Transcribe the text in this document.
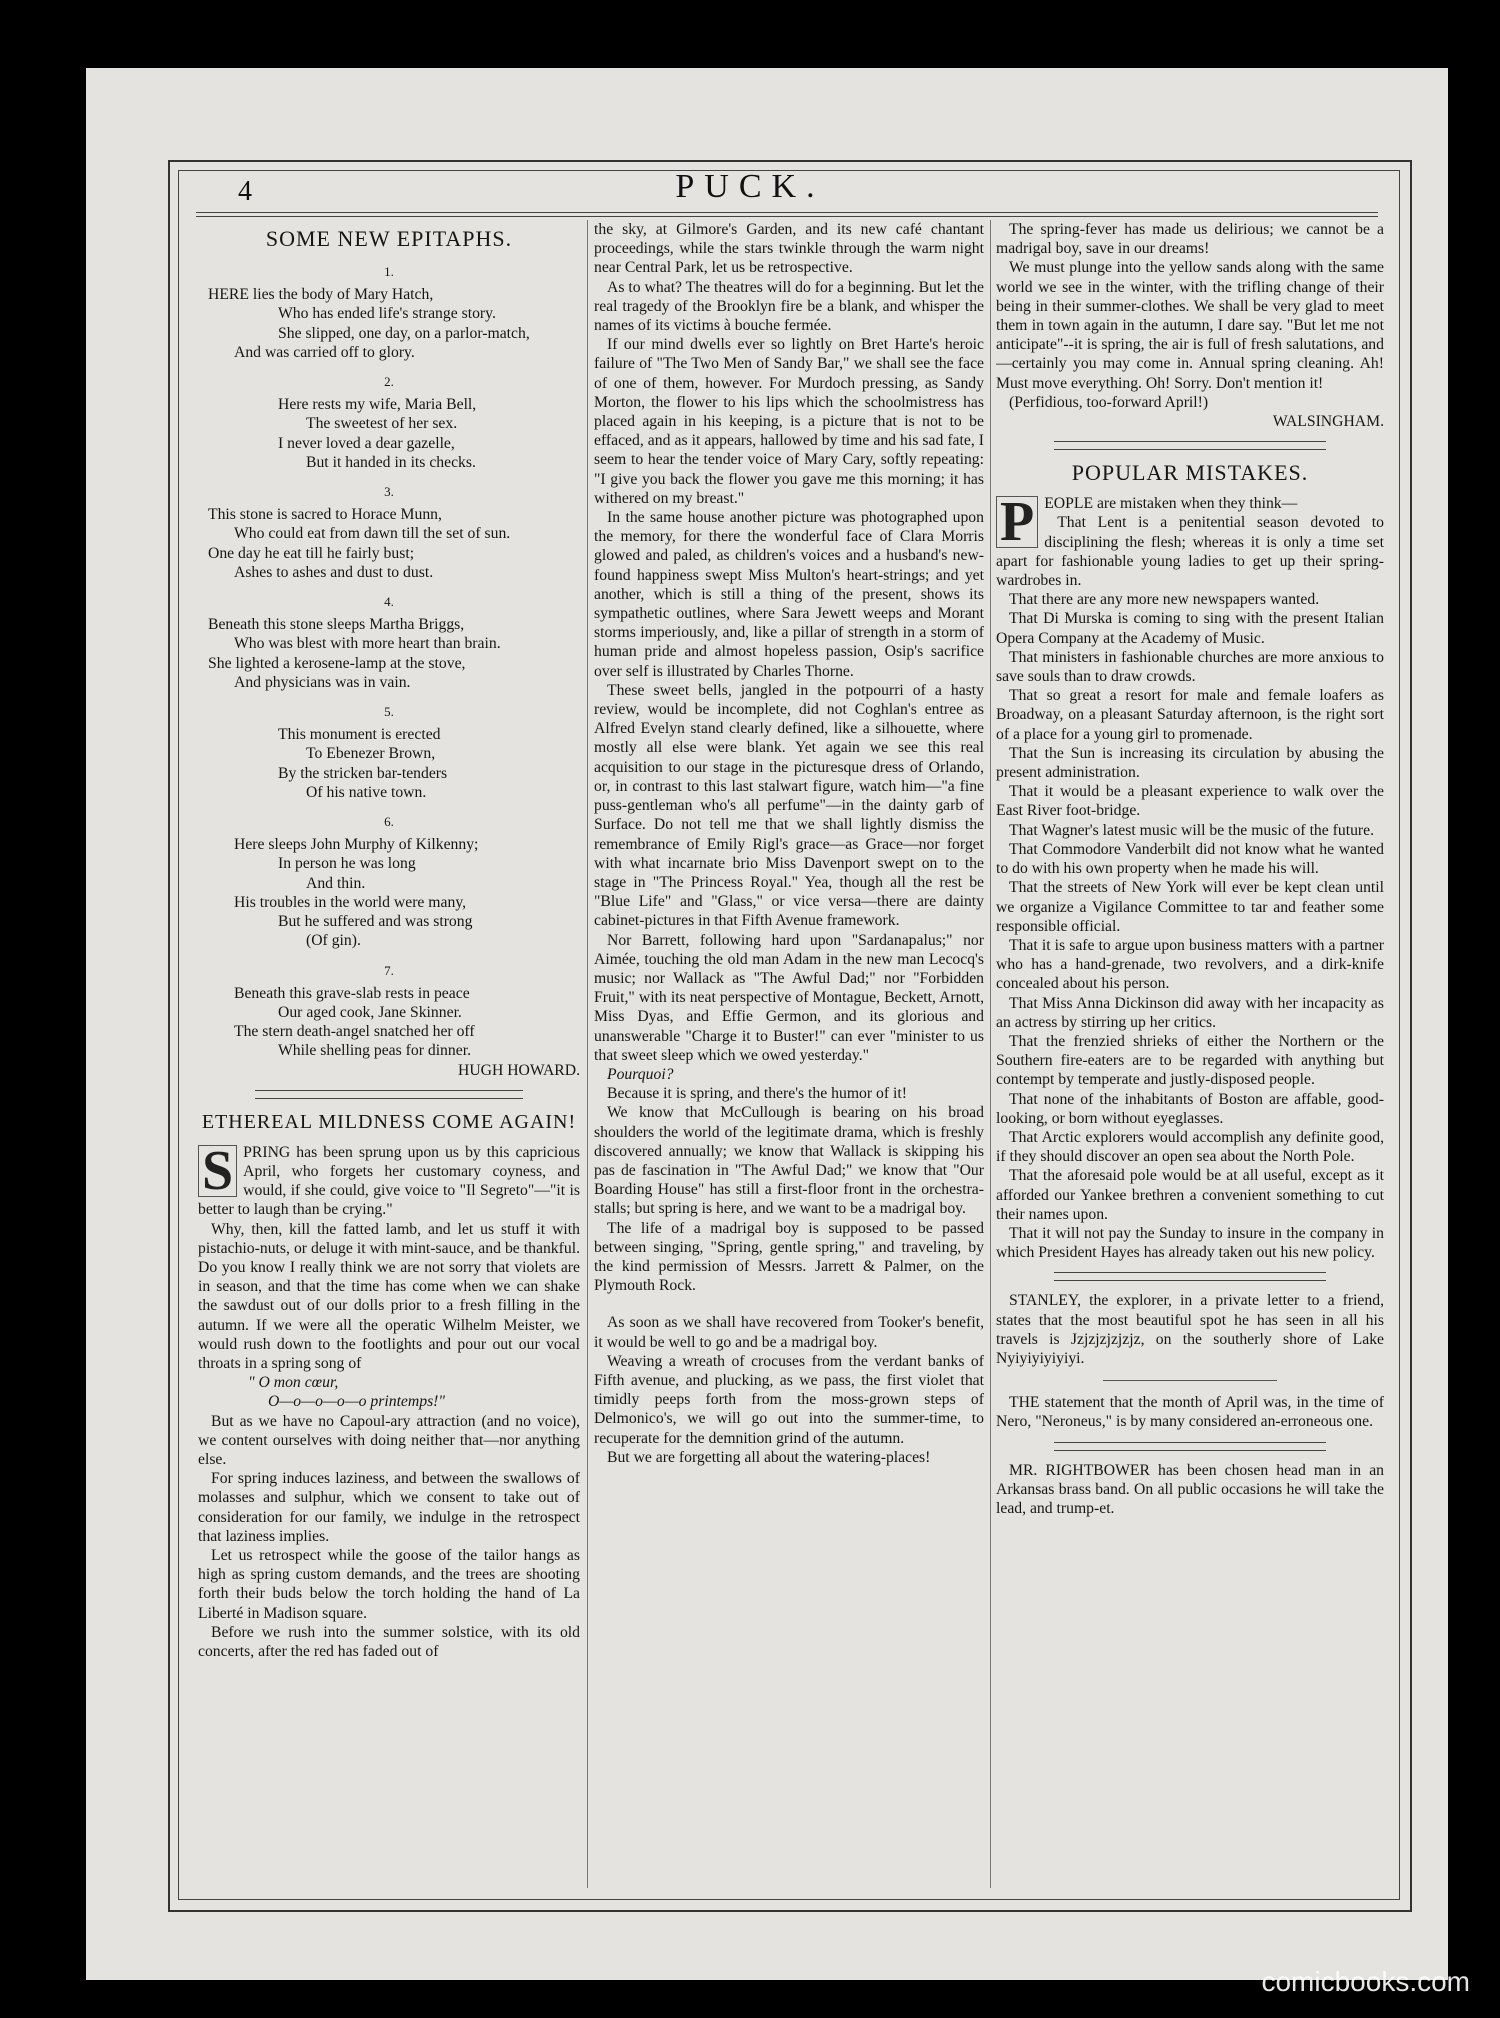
4	PUCK.
SOME NEW EPITAPHS.
1.
HERE lies the body of Mary Hatch,
Who has ended life's strange story.
She slipped, one day, on a parlor-match,
And was carried off to glory.
2.
Here rests my wife, Maria Bell,
The sweetest of her sex.
I never loved a dear gazelle,
But it handed in its checks.
3.
This stone is sacred to Horace Munn,
Who could eat from dawn till the set of sun.
One day he eat till he fairly bust;
Ashes to ashes and dust to dust.
4.
Beneath this stone sleeps Martha Briggs,
Who was blest with more heart than brain.
She lighted a kerosene-lamp at the stove,
And physicians was in vain.
5.
This monument is erected
To Ebenezer Brown,
By the stricken bar-tenders
Of his native town.
6.
Here sleeps John Murphy of Kilkenny;
In person he was long
And thin.
His troubles in the world were many,
But he suffered and was strong
(Of gin).
7.
Beneath this grave-slab rests in peace
Our aged cook, Jane Skinner.
The stern death-angel snatched her off
While shelling peas for dinner.

HUGH HOWARD.

ETHEREAL MILDNESS COME AGAIN!

S PRING has been sprung upon us by this capricious April, who forgets her customary coyness, and would, if she could, give voice to "Il Segreto"—"it is better to laugh than be crying."

Why, then, kill the fatted lamb, and let us stuff it with pistachio-nuts, or deluge it with mint-sauce, and be thankful. Do you know I really think we are not sorry that violets are in season, and that the time has come when we can shake the sawdust out of our dolls prior to a fresh filling in the autumn. If we were all the operatic Wilhelm Meister, we would rush down to the footlights and pour out our vocal throats in a spring song of

" O mon cœur,

O—o—o—o—o printemps!"

But as we have no Capoul-ary attraction (and no voice), we content ourselves with doing neither that—nor anything else.

For spring induces laziness, and between the swallows of molasses and sulphur, which we consent to take out of consideration for our family, we indulge in the retrospect that laziness implies.

Let us retrospect while the goose of the tailor hangs as high as spring custom demands, and the trees are shooting forth their buds below the torch holding the hand of La Liberté in Madison square.

Before we rush into the summer solstice, with its old concerts, after the red has faded out of

the sky, at Gilmore's Garden, and its new café chantant proceedings, while the stars twinkle through the warm night near Central Park, let us be retrospective.

As to what? The theatres will do for a beginning. But let the real tragedy of the Brooklyn fire be a blank, and whisper the names of its victims à bouche fermée.

If our mind dwells ever so lightly on Bret Harte's heroic failure of "The Two Men of Sandy Bar," we shall see the face of one of them, however. For Murdoch pressing, as Sandy Morton, the flower to his lips which the schoolmistress has placed again in his keeping, is a picture that is not to be effaced, and as it appears, hallowed by time and his sad fate, I seem to hear the tender voice of Mary Cary, softly repeating: "I give you back the flower you gave me this morning; it has withered on my breast."

In the same house another picture was photographed upon the memory, for there the wonderful face of Clara Morris glowed and paled, as children's voices and a husband's new-found happiness swept Miss Multon's heart-strings; and yet another, which is still a thing of the present, shows its sympathetic outlines, where Sara Jewett weeps and Morant storms imperiously, and, like a pillar of strength in a storm of human pride and almost hopeless passion, Osip's sacrifice over self is illustrated by Charles Thorne.

These sweet bells, jangled in the potpourri of a hasty review, would be incomplete, did not Coghlan's entree as Alfred Evelyn stand clearly defined, like a silhouette, where mostly all else were blank. Yet again we see this real acquisition to our stage in the picturesque dress of Orlando, or, in contrast to this last stalwart figure, watch him—"a fine puss-gentleman who's all perfume"—in the dainty garb of Surface. Do not tell me that we shall lightly dismiss the remembrance of Emily Rigl's grace—as Grace—nor forget with what incarnate brio Miss Davenport swept on to the stage in "The Princess Royal." Yea, though all the rest be "Blue Life" and "Glass," or vice versa—there are dainty cabinet-pictures in that Fifth Avenue framework.

Nor Barrett, following hard upon "Sardanapalus;" nor Aimée, touching the old man Adam in the new man Lecocq's music; nor Wallack as "The Awful Dad;" nor "Forbidden Fruit," with its neat perspective of Montague, Beckett, Arnott, Miss Dyas, and Effie Germon, and its glorious and unanswerable "Charge it to Buster!" can ever "minister to us that sweet sleep which we owed yesterday."

Pourquoi?

Because it is spring, and there's the humor of it!

We know that McCullough is bearing on his broad shoulders the world of the legitimate drama, which is freshly discovered annually; we know that Wallack is skipping his pas de fascination in "The Awful Dad;" we know that "Our Boarding House" has still a first-floor front in the orchestra-stalls; but spring is here, and we want to be a madrigal boy.

The life of a madrigal boy is supposed to be passed between singing, "Spring, gentle spring," and traveling, by the kind permission of Messrs. Jarrett & Palmer, on the Plymouth Rock.

As soon as we shall have recovered from Tooker's benefit, it would be well to go and be a madrigal boy.

Weaving a wreath of crocuses from the verdant banks of Fifth avenue, and plucking, as we pass, the first violet that timidly peeps forth from the moss-grown steps of Delmonico's, we will go out into the summer-time, to recuperate for the demnition grind of the autumn.

But we are forgetting all about the watering-places!

The spring-fever has made us delirious; we cannot be a madrigal boy, save in our dreams!

We must plunge into the yellow sands along with the same world we see in the winter, with the trifling change of their being in their summer-clothes. We shall be very glad to meet them in town again in the autumn, I dare say. "But let me not anticipate"--it is spring, the air is full of fresh salutations, and—certainly you may come in. Annual spring cleaning. Ah! Must move everything. Oh! Sorry. Don't mention it!

(Perfidious, too-forward April!)

WALSINGHAM.

POPULAR MISTAKES.

P EOPLE are mistaken when they think—

That Lent is a penitential season devoted to disciplining the flesh; whereas it is only a time set apart for fashionable young ladies to get up their spring-wardrobes in.

That there are any more new newspapers wanted.

That Di Murska is coming to sing with the present Italian Opera Company at the Academy of Music.

That ministers in fashionable churches are more anxious to save souls than to draw crowds.

That so great a resort for male and female loafers as Broadway, on a pleasant Saturday afternoon, is the right sort of a place for a young girl to promenade.

That the Sun is increasing its circulation by abusing the present administration.

That it would be a pleasant experience to walk over the East River foot-bridge.

That Wagner's latest music will be the music of the future.

That Commodore Vanderbilt did not know what he wanted to do with his own property when he made his will.

That the streets of New York will ever be kept clean until we organize a Vigilance Committee to tar and feather some responsible official.

That it is safe to argue upon business matters with a partner who has a hand-grenade, two revolvers, and a dirk-knife concealed about his person.

That Miss Anna Dickinson did away with her incapacity as an actress by stirring up her critics.

That the frenzied shrieks of either the Northern or the Southern fire-eaters are to be regarded with anything but contempt by temperate and justly-disposed people.

That none of the inhabitants of Boston are affable, good-looking, or born without eyeglasses.

That Arctic explorers would accomplish any definite good, if they should discover an open sea about the North Pole.

That the aforesaid pole would be at all useful, except as it afforded our Yankee brethren a convenient something to cut their names upon.

That it will not pay the Sunday to insure in the company in which President Hayes has already taken out his new policy.

STANLEY, the explorer, in a private letter to a friend, states that the most beautiful spot he has seen in all his travels is Jzjzjzjzjzjz, on the southerly shore of Lake Nyiyiyiyiyiyi.

THE statement that the month of April was, in the time of Nero, "Neroneus," is by many considered an-erroneous one.

MR. RIGHTBOWER has been chosen head man in an Arkansas brass band. On all public occasions he will take the lead, and trump-et.

comicbooks.com
